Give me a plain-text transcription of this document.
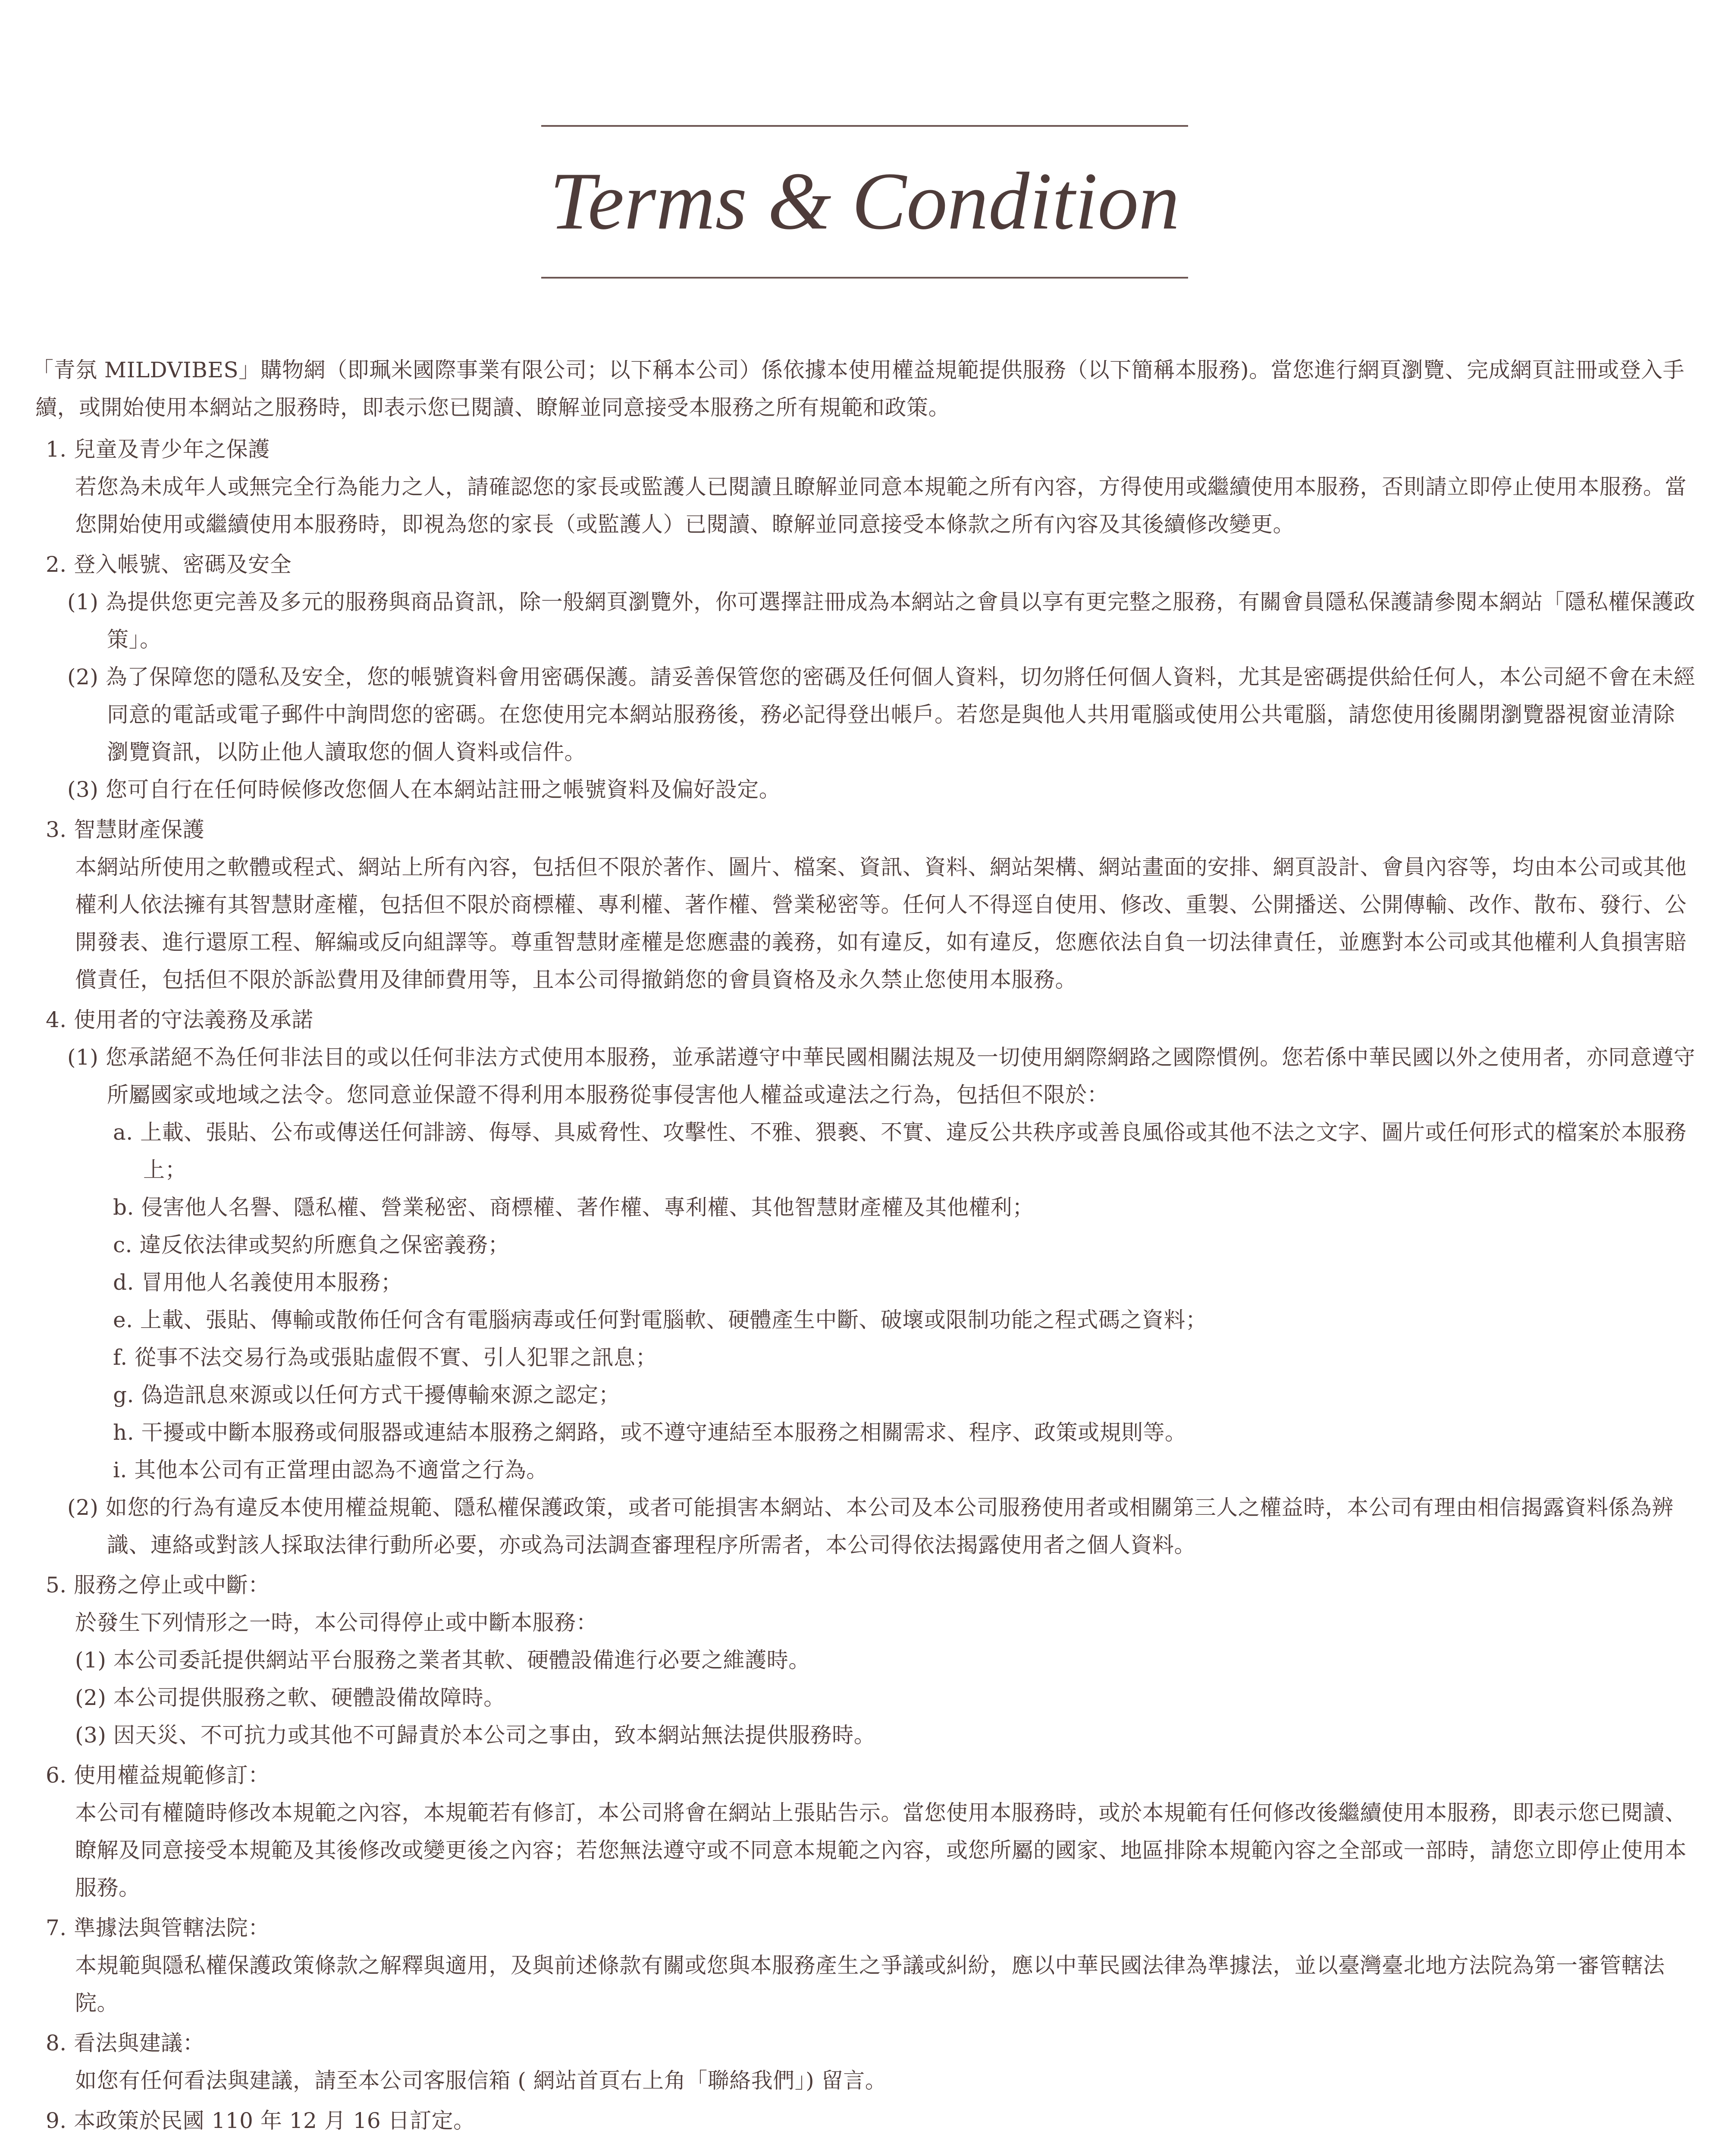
Terms & Condition

「青氛 MILDVIBES」購物網（即珮米國際事業有限公司；以下稱本公司）係依據本使用權益規範提供服務（以下簡稱本服務)。當您進行網頁瀏覽、完成網頁註冊或登入手續，或開始使用本網站之服務時，即表示您已閱讀、瞭解並同意接受本服務之所有規範和政策。

1. 兒童及青少年之保護

若您為未成年人或無完全行為能力之人，請確認您的家長或監護人已閱讀且瞭解並同意本規範之所有內容，方得使用或繼續使用本服務，否則請立即停止使用本服務。當您開始使用或繼續使用本服務時，即視為您的家長（或監護人）已閱讀、瞭解並同意接受本條款之所有內容及其後續修改變更。

2. 登入帳號、密碼及安全

(1) 為提供您更完善及多元的服務與商品資訊，除一般網頁瀏覽外，你可選擇註冊成為本網站之會員以享有更完整之服務，有關會員隱私保護請參閱本網站「隱私權保護政策」。

(2) 為了保障您的隱私及安全，您的帳號資料會用密碼保護。請妥善保管您的密碼及任何個人資料，切勿將任何個人資料，尤其是密碼提供給任何人，本公司絕不會在未經同意的電話或電子郵件中詢問您的密碼。在您使用完本網站服務後，務必記得登出帳戶。若您是與他人共用電腦或使用公共電腦，請您使用後關閉瀏覽器視窗並清除瀏覽資訊，以防止他人讀取您的個人資料或信件。

(3) 您可自行在任何時候修改您個人在本網站註冊之帳號資料及偏好設定。

3. 智慧財產保護

本網站所使用之軟體或程式、網站上所有內容，包括但不限於著作、圖片、檔案、資訊、資料、網站架構、網站畫面的安排、網頁設計、會員內容等，均由本公司或其他權利人依法擁有其智慧財產權，包括但不限於商標權、專利權、著作權、營業秘密等。任何人不得逕自使用、修改、重製、公開播送、公開傳輸、改作、散布、發行、公開發表、進行還原工程、解編或反向組譯等。尊重智慧財產權是您應盡的義務，如有違反，如有違反，您應依法自負一切法律責任，並應對本公司或其他權利人負損害賠償責任，包括但不限於訴訟費用及律師費用等，且本公司得撤銷您的會員資格及永久禁止您使用本服務。

4. 使用者的守法義務及承諾

(1) 您承諾絕不為任何非法目的或以任何非法方式使用本服務，並承諾遵守中華民國相關法規及一切使用網際網路之國際慣例。您若係中華民國以外之使用者，亦同意遵守所屬國家或地域之法令。您同意並保證不得利用本服務從事侵害他人權益或違法之行為，包括但不限於：

a. 上載、張貼、公布或傳送任何誹謗、侮辱、具威脅性、攻擊性、不雅、猥褻、不實、違反公共秩序或善良風俗或其他不法之文字、圖片或任何形式的檔案於本服務上；

b. 侵害他人名譽、隱私權、營業秘密、商標權、著作權、專利權、其他智慧財產權及其他權利；

c. 違反依法律或契約所應負之保密義務；

d. 冒用他人名義使用本服務；

e. 上載、張貼、傳輸或散佈任何含有電腦病毒或任何對電腦軟、硬體產生中斷、破壞或限制功能之程式碼之資料；

f. 從事不法交易行為或張貼虛假不實、引人犯罪之訊息；

g. 偽造訊息來源或以任何方式干擾傳輸來源之認定；

h. 干擾或中斷本服務或伺服器或連結本服務之網路，或不遵守連結至本服務之相關需求、程序、政策或規則等。

i. 其他本公司有正當理由認為不適當之行為。

(2) 如您的行為有違反本使用權益規範、隱私權保護政策，或者可能損害本網站、本公司及本公司服務使用者或相關第三人之權益時，本公司有理由相信揭露資料係為辨識、連絡或對該人採取法律行動所必要，亦或為司法調查審理程序所需者，本公司得依法揭露使用者之個人資料。

5. 服務之停止或中斷：

於發生下列情形之一時，本公司得停止或中斷本服務：

(1) 本公司委託提供網站平台服務之業者其軟、硬體設備進行必要之維護時。

(2) 本公司提供服務之軟、硬體設備故障時。

(3) 因天災、不可抗力或其他不可歸責於本公司之事由，致本網站無法提供服務時。

6. 使用權益規範修訂：

本公司有權隨時修改本規範之內容，本規範若有修訂，本公司將會在網站上張貼告示。當您使用本服務時，或於本規範有任何修改後繼續使用本服務，即表示您已閱讀、瞭解及同意接受本規範及其後修改或變更後之內容；若您無法遵守或不同意本規範之內容，或您所屬的國家、地區排除本規範內容之全部或一部時，請您立即停止使用本服務。

7. 準據法與管轄法院：

本規範與隱私權保護政策條款之解釋與適用，及與前述條款有關或您與本服務產生之爭議或糾紛，應以中華民國法律為準據法，並以臺灣臺北地方法院為第一審管轄法院。

8. 看法與建議：

如您有任何看法與建議，請至本公司客服信箱 ( 網站首頁右上角「聯絡我們」) 留言。

9. 本政策於民國 110 年 12 月 16 日訂定。
